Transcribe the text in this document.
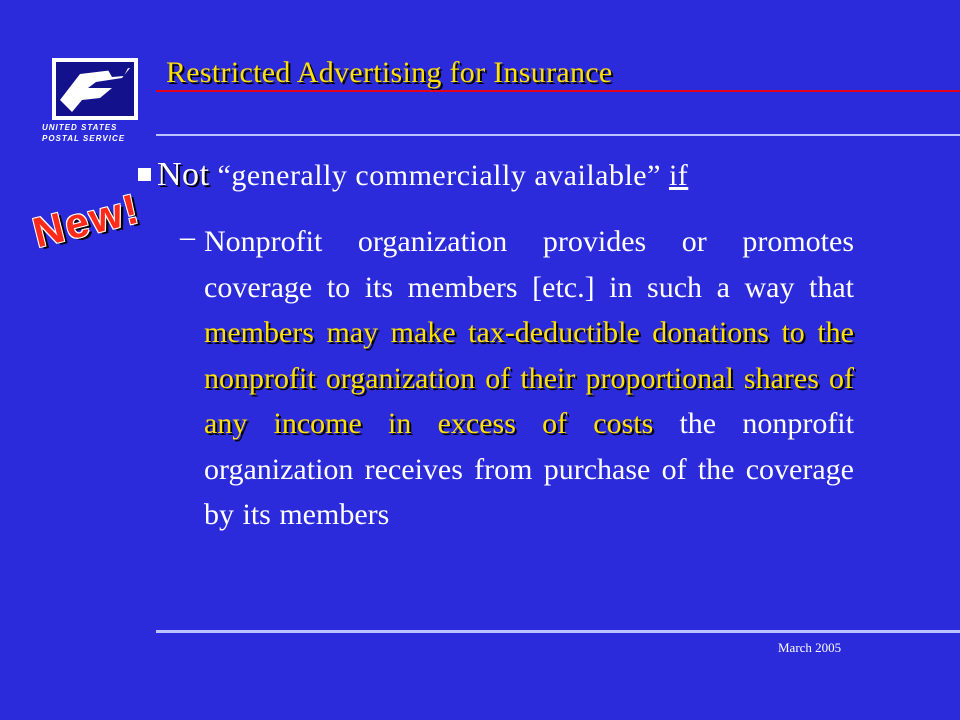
UNITED STATES
POSTAL SERVICE
Restricted Advertising for Insurance
Not “generally commercially available” if
New! – Nonprofit organization provides or promotes coverage to its members [etc.] in such a way that members may make tax-deductible donations to the nonprofit organization of their proportional shares of any income in excess of costs the nonprofit organization receives from purchase of the coverage by its members
March 2005
